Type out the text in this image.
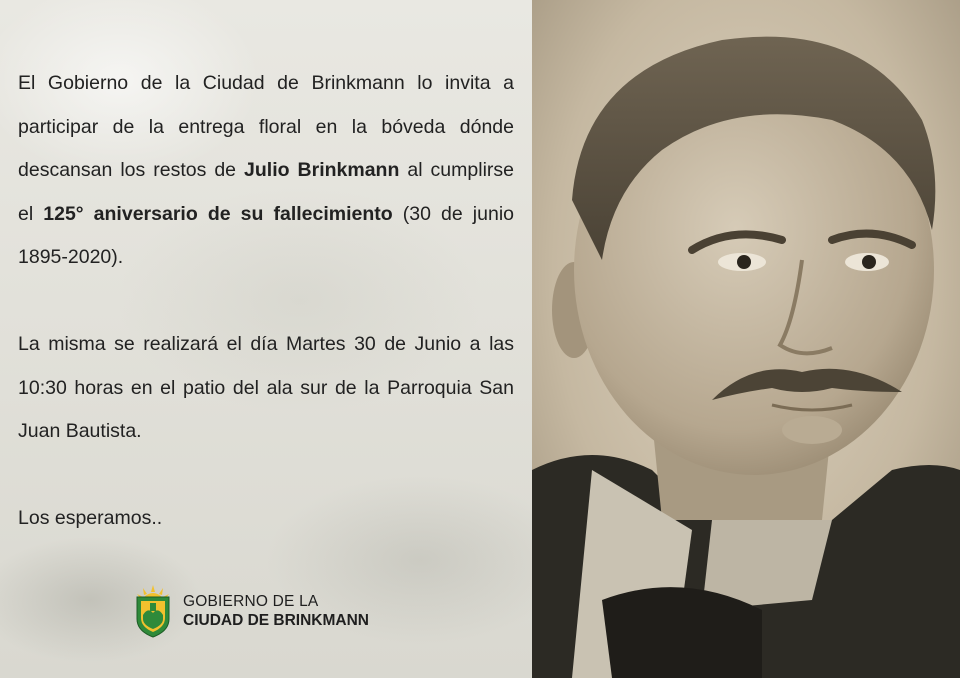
El Gobierno de la Ciudad de Brinkmann lo invita a participar de la entrega floral en la bóveda dónde descansan los restos de Julio Brinkmann al cumplirse el 125° aniversario de su fallecimiento (30 de junio 1895-2020).

La misma se realizará el día Martes 30 de Junio a las 10:30 horas en el patio del ala sur de la Parroquia San Juan Bautista.

Los esperamos..

GOBIERNO DE LA
CIUDAD DE BRINKMANN
